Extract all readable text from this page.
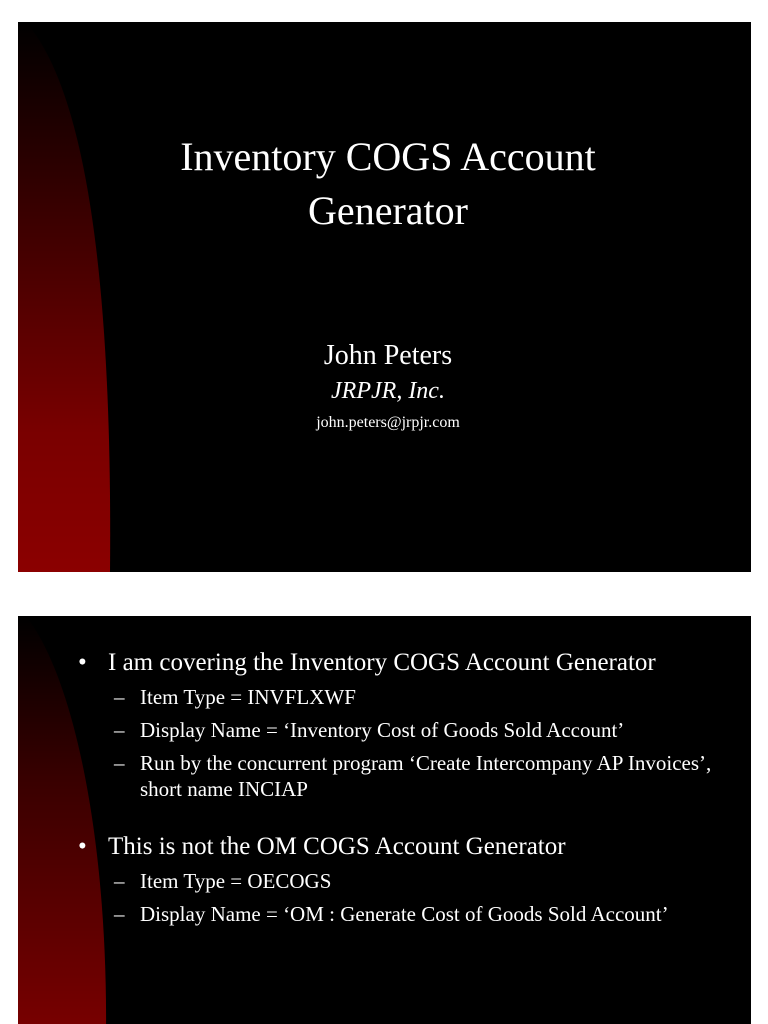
Inventory COGS Account Generator
John Peters
JRPJR, Inc.
john.peters@jrpjr.com
• I am covering the Inventory COGS Account Generator
– Item Type = INVFLXWF
– Display Name = ‘Inventory Cost of Goods Sold Account’
– Run by the concurrent program ‘Create Intercompany AP Invoices’, short name INCIAP
• This is not the OM COGS Account Generator
– Item Type = OECOGS
– Display Name = ‘OM : Generate Cost of Goods Sold Account’
